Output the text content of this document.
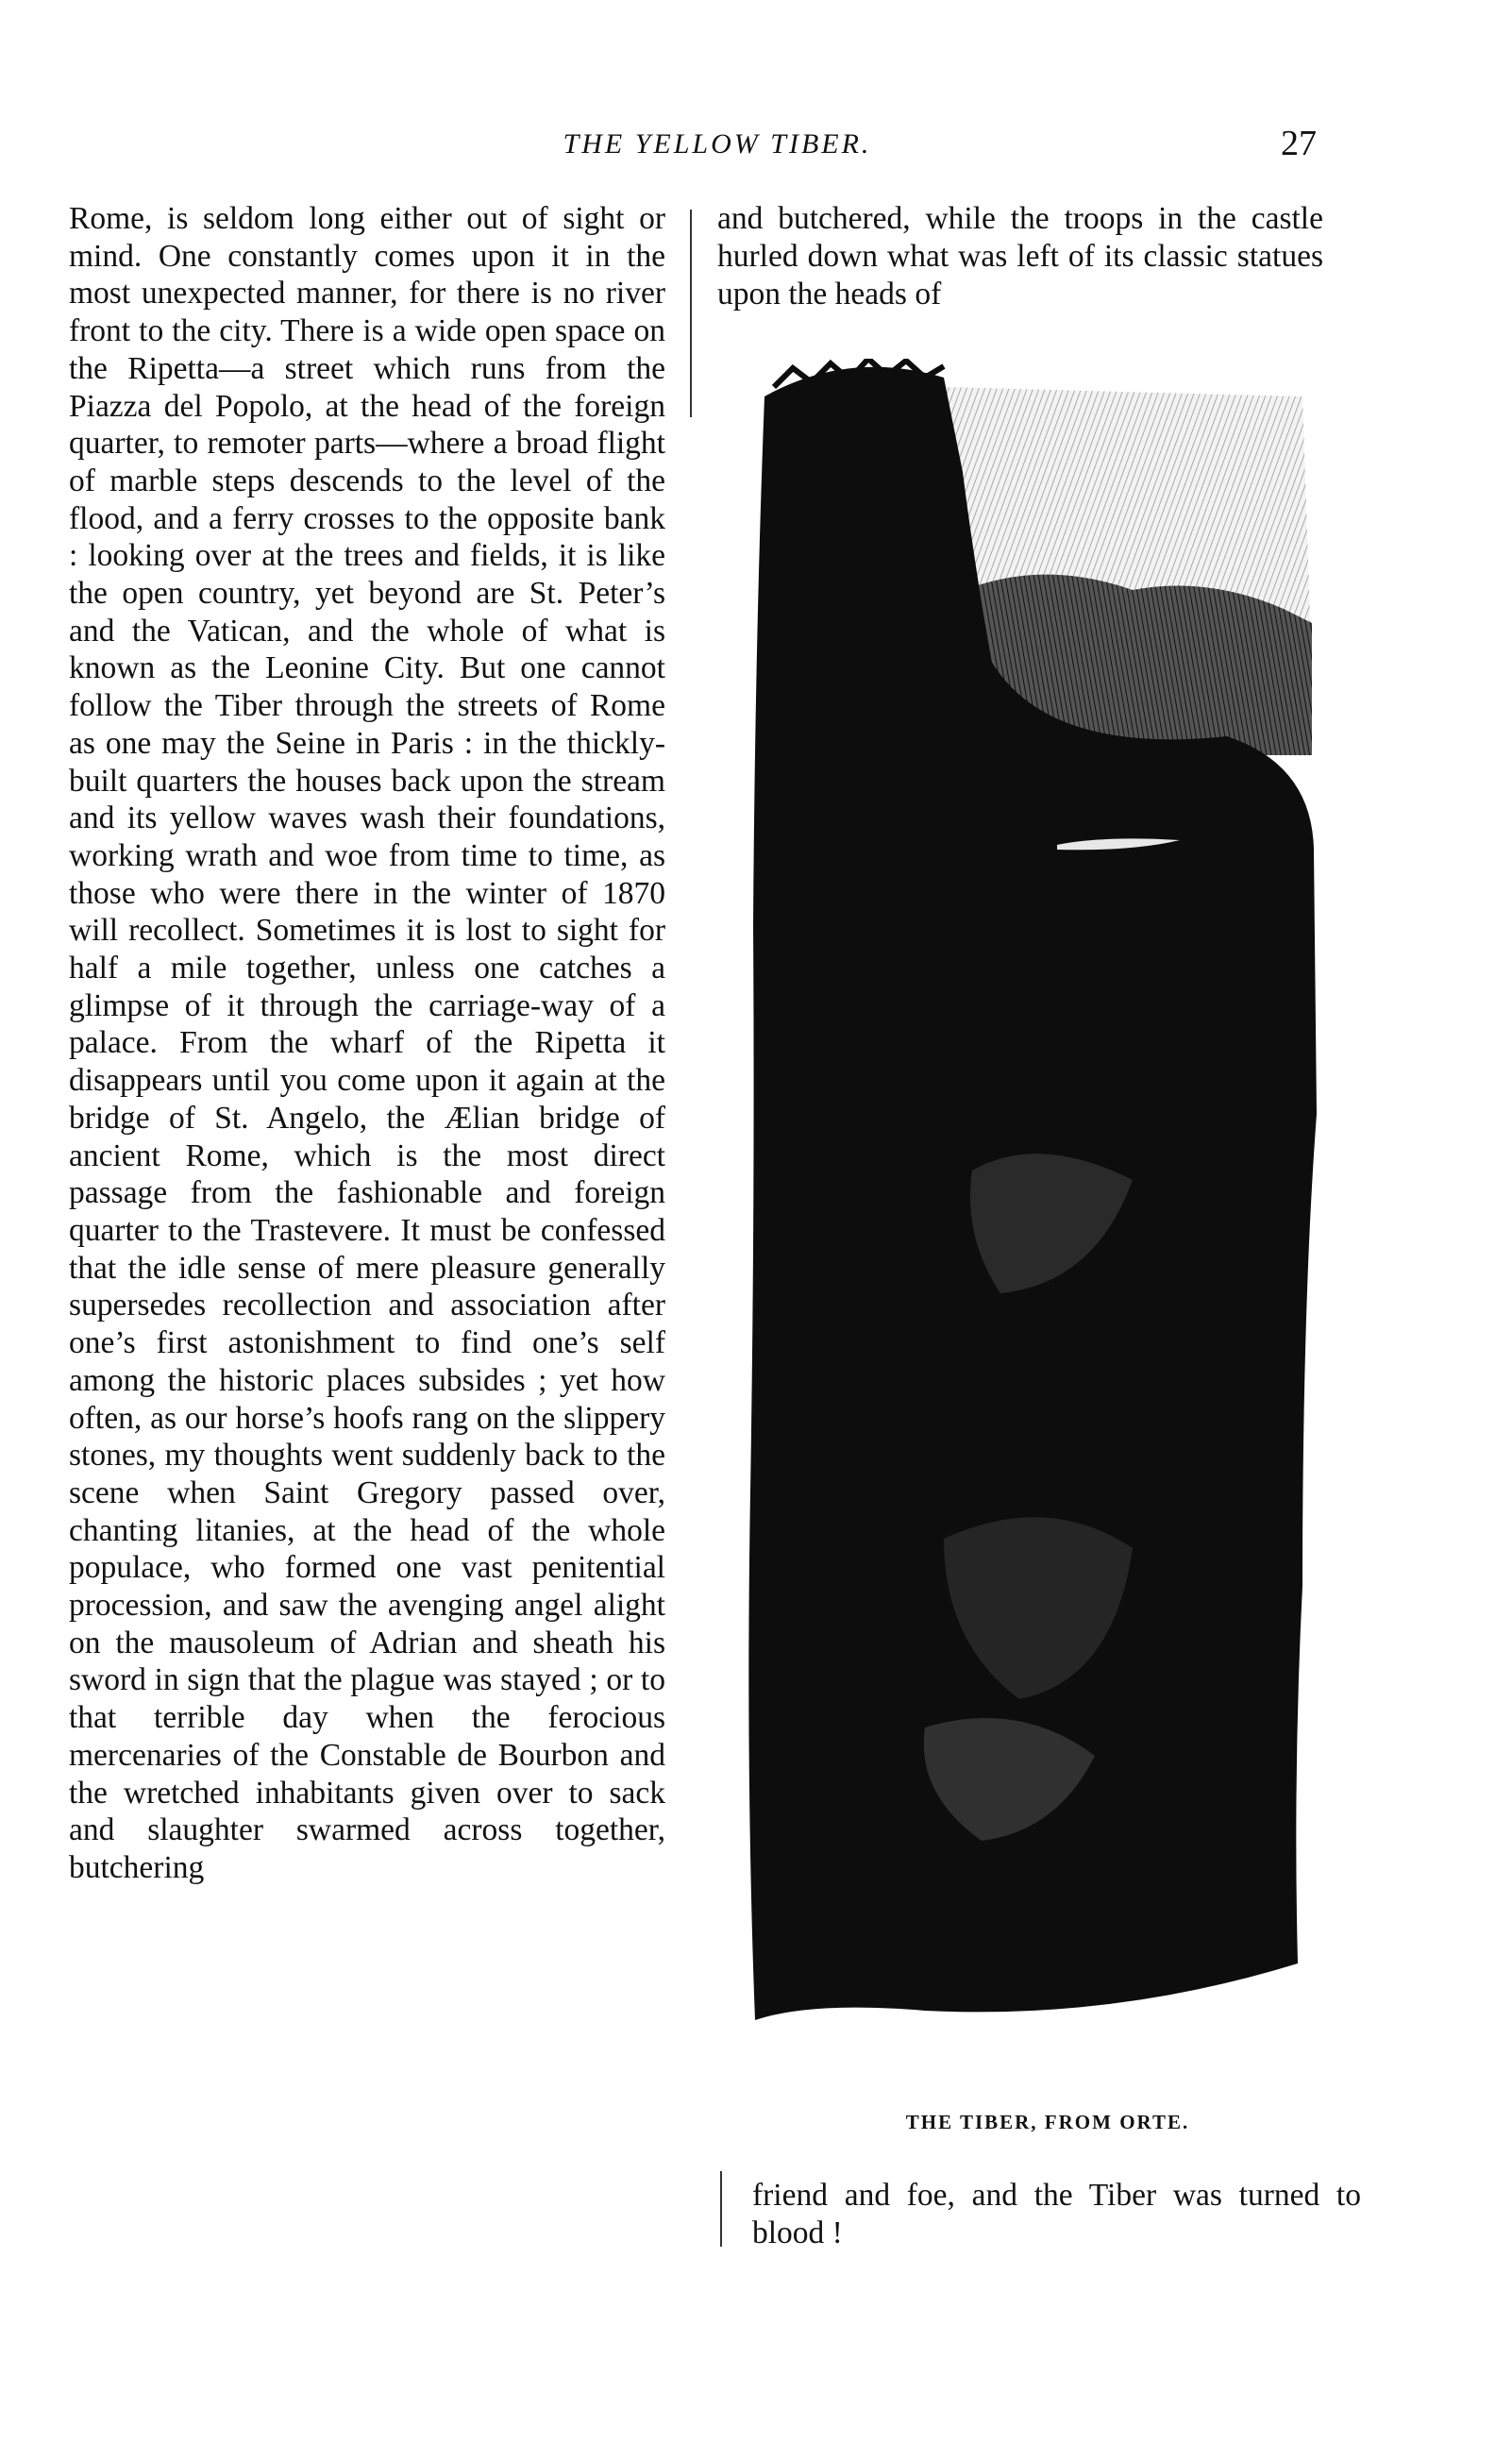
THE YELLOW TIBER.	27

Rome, is seldom long either out of sight or mind. One constantly comes upon it in the most unexpected manner, for there is no river front to the city. There is a wide open space on the Ripetta—a street which runs from the Piazza del Popolo, at the head of the foreign quarter, to remoter parts—where a broad flight of marble steps descends to the level of the flood, and a ferry crosses to the opposite bank : looking over at the trees and fields, it is like the open country, yet beyond are St. Peter’s and the Vatican, and the whole of what is known as the Leonine City. But one cannot follow the Tiber through the streets of Rome as one may the Seine in Paris : in the thickly-built quarters the houses back upon the stream and its yellow waves wash their foundations, working wrath and woe from time to time, as those who were there in the winter of 1870 will recollect. Sometimes it is lost to sight for half a mile together, unless one catches a glimpse of it through the carriage-way of a palace. From the wharf of the Ripetta it disappears until you come upon it again at the bridge of St. Angelo, the Ælian bridge of ancient Rome, which is the most direct passage from the fashionable and foreign quarter to the Trastevere. It must be confessed that the idle sense of mere pleasure generally supersedes recollection and association after one’s first astonishment to find one’s self among the historic places subsides ; yet how often, as our horse’s hoofs rang on the slippery stones, my thoughts went suddenly back to the scene when Saint Gregory passed over, chanting litanies, at the head of the whole populace, who formed one vast penitential procession, and saw the avenging angel alight on the mausoleum of Adrian and sheath his sword in sign that the plague was stayed ; or to that terrible day when the ferocious mercenaries of the Constable de Bourbon and the wretched inhabitants given over to sack and slaughter swarmed across together, butchering

and butchered, while the troops in the castle hurled down what was left of its classic statues upon the heads of

THE TIBER, FROM ORTE.

friend and foe, and the Tiber was turned to blood !
